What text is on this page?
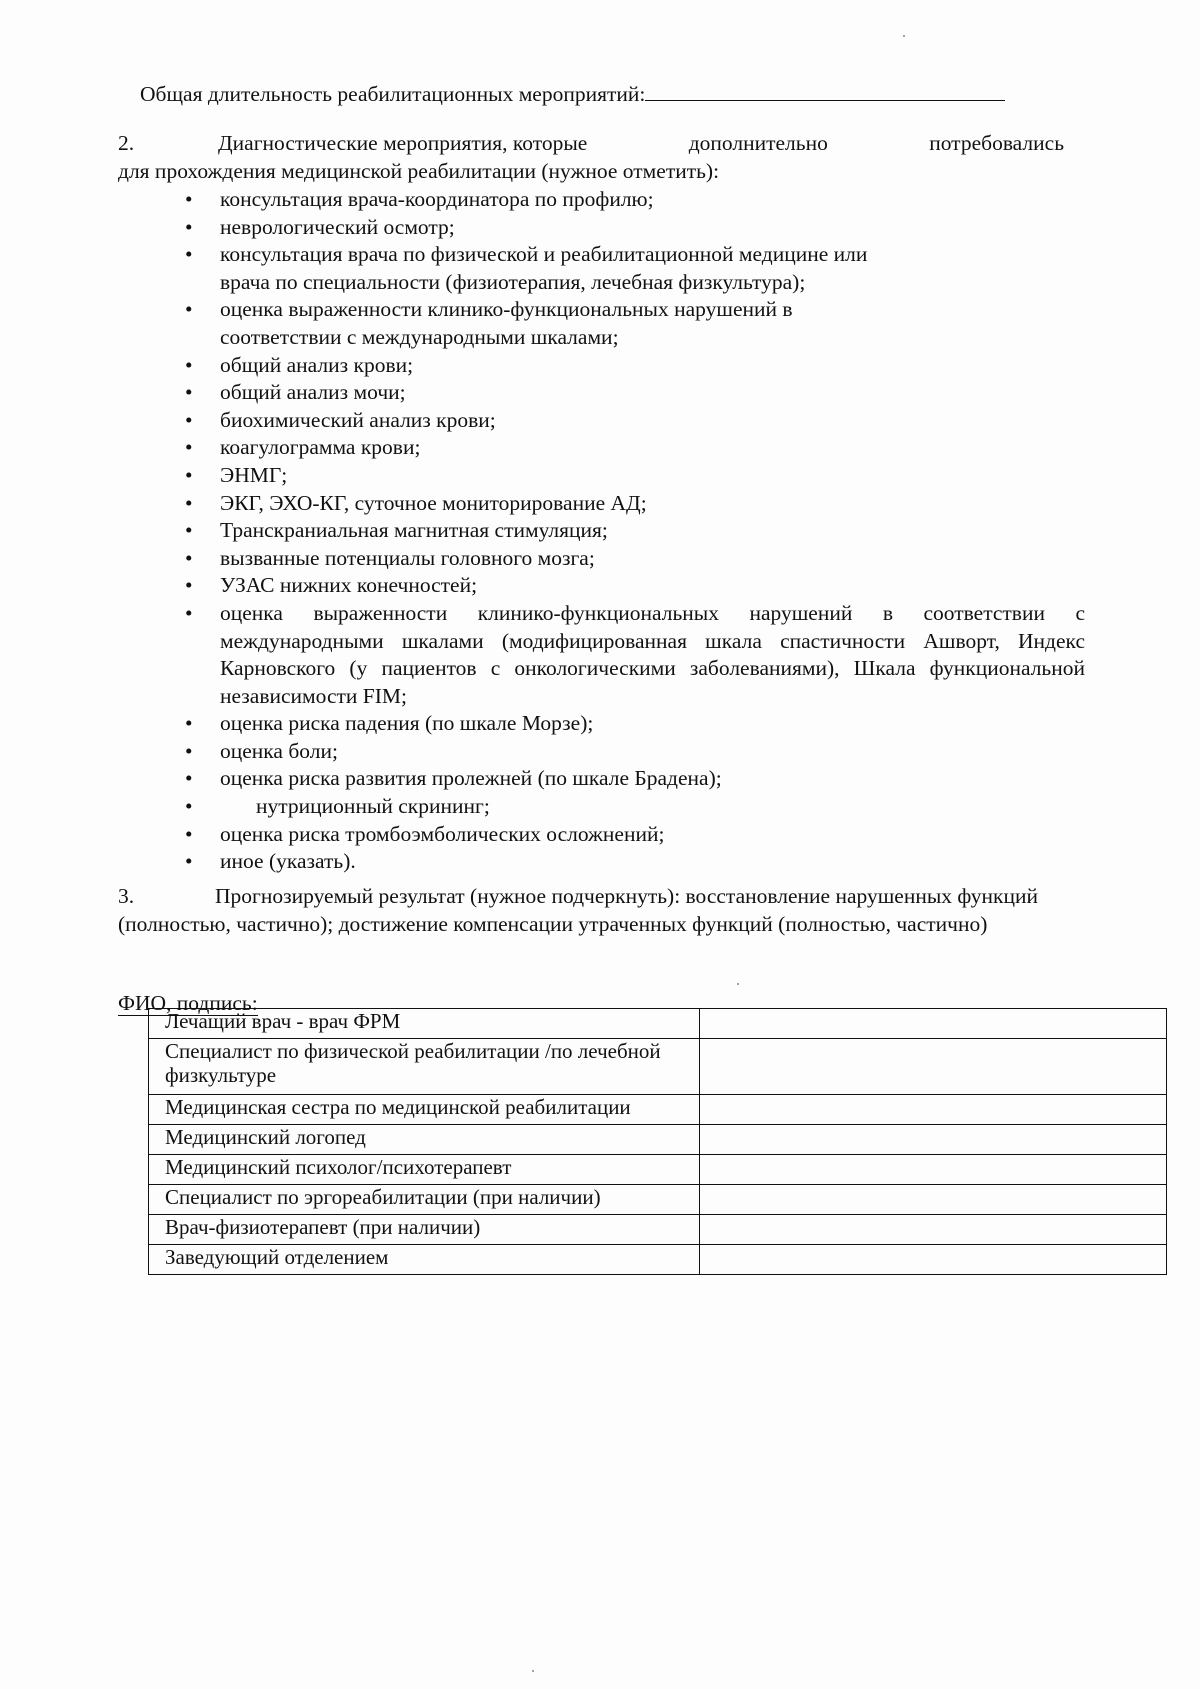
Общая длительность реабилитационных мероприятий:
2.	Диагностические мероприятия, которые	дополнительно	потребовались
для прохождения медицинской реабилитации (нужное отметить):
• консультация врача-координатора по профилю;
• неврологический осмотр;
• консультация врача по физической и реабилитационной медицине или врача по специальности (физиотерапия, лечебная физкультура);
• оценка выраженности клинико-функциональных нарушений в соответствии с международными шкалами;
• общий анализ крови;
• общий анализ мочи;
• биохимический анализ крови;
• коагулограмма крови;
• ЭНМГ;
• ЭКГ, ЭХО-КГ, суточное мониторирование АД;
• Транскраниальная магнитная стимуляция;
• вызванные потенциалы головного мозга;
• УЗАС нижних конечностей;
• оценка выраженности клинико-функциональных нарушений в соответствии с международными шкалами (модифицированная шкала спастичности Ашворт, Индекс Карновского (у пациентов с онкологическими заболеваниями), Шкала функциональной независимости FIM;
• оценка риска падения (по шкале Морзе);
• оценка боли;
• оценка риска развития пролежней (по шкале Брадена);
•	нутриционный скрининг;
• оценка риска тромбоэмболических осложнений;
• иное (указать).
3.	Прогнозируемый результат (нужное подчеркнуть): восстановление нарушенных функций (полностью, частично); достижение компенсации утраченных функций (полностью, частично)
ФИО, подпись:
Лечащий врач - врач ФРМ	
Специалист по физической реабилитации /по лечебной физкультуре	
Медицинская сестра по медицинской реабилитации	
Медицинский логопед	
Медицинский психолог/психотерапевт	
Специалист по эргореабилитации (при наличии)	
Врач-физиотерапевт (при наличии)	
Заведующий отделением	
